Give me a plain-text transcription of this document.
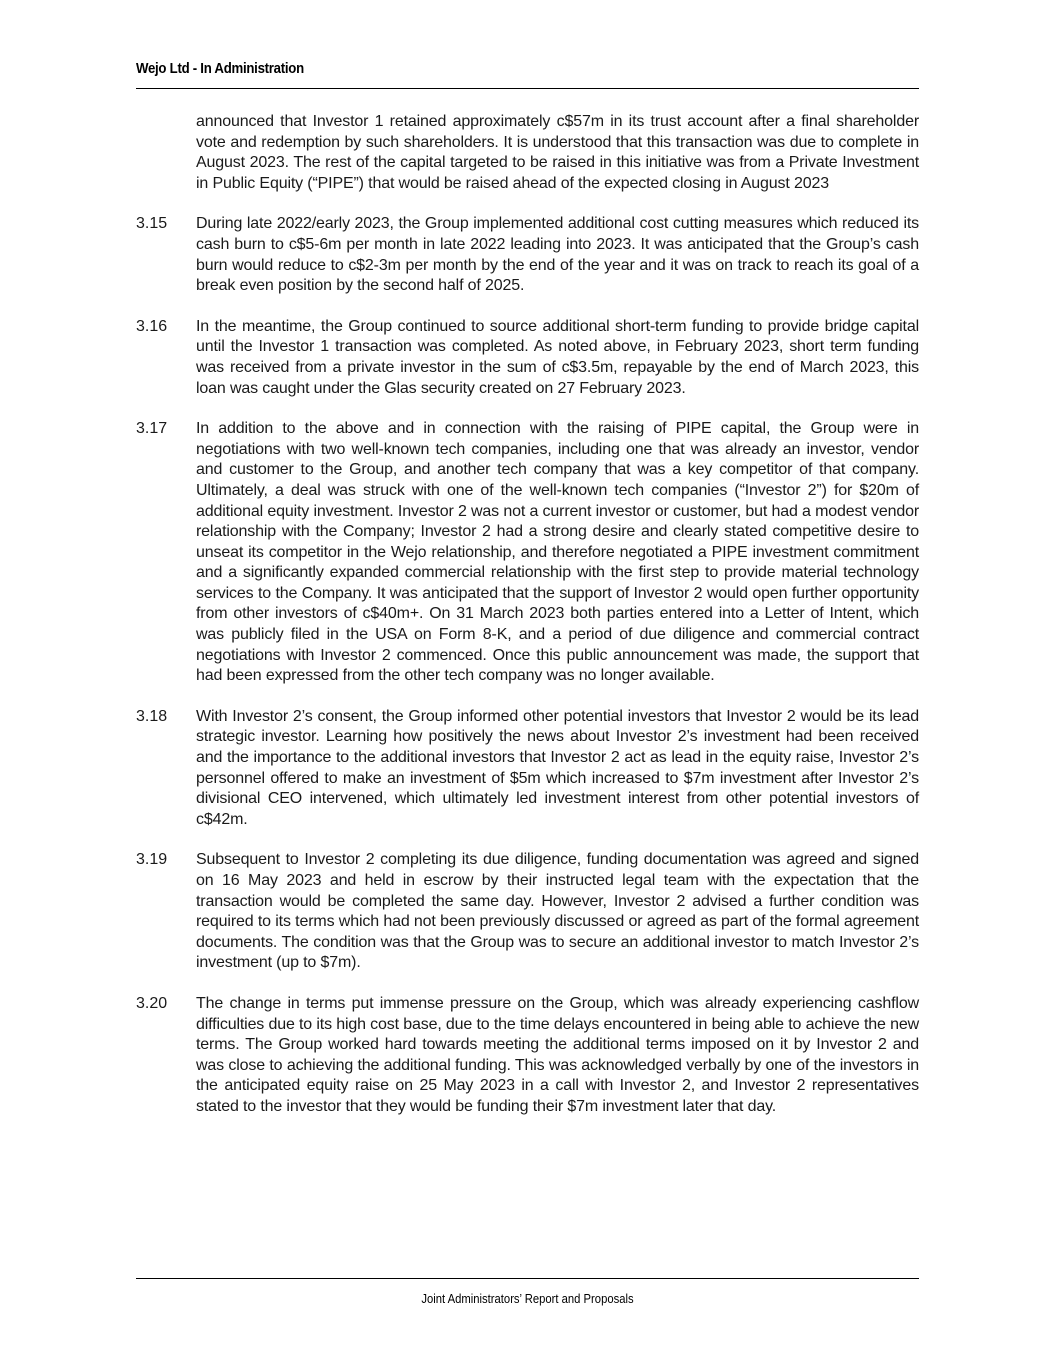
Wejo Ltd - In Administration
announced that Investor 1 retained approximately c$57m in its trust account after a final shareholder vote and redemption by such shareholders. It is understood that this transaction was due to complete in August 2023. The rest of the capital targeted to be raised in this initiative was from a Private Investment in Public Equity (“PIPE”) that would be raised ahead of the expected closing in August 2023
3.15	During late 2022/early 2023, the Group implemented additional cost cutting measures which reduced its cash burn to c$5-6m per month in late 2022 leading into 2023. It was anticipated that the Group’s cash burn would reduce to c$2-3m per month by the end of the year and it was on track to reach its goal of a break even position by the second half of 2025.
3.16	In the meantime, the Group continued to source additional short-term funding to provide bridge capital until the Investor 1 transaction was completed. As noted above, in February 2023, short term funding was received from a private investor in the sum of c$3.5m, repayable by the end of March 2023, this loan was caught under the Glas security created on 27 February 2023.
3.17	In addition to the above and in connection with the raising of PIPE capital, the Group were in negotiations with two well-known tech companies, including one that was already an investor, vendor and customer to the Group, and another tech company that was a key competitor of that company. Ultimately, a deal was struck with one of the well-known tech companies (“Investor 2”) for $20m of additional equity investment. Investor 2 was not a current investor or customer, but had a modest vendor relationship with the Company; Investor 2 had a strong desire and clearly stated competitive desire to unseat its competitor in the Wejo relationship, and therefore negotiated a PIPE investment commitment and a significantly expanded commercial relationship with the first step to provide material technology services to the Company. It was anticipated that the support of Investor 2 would open further opportunity from other investors of c$40m+. On 31 March 2023 both parties entered into a Letter of Intent, which was publicly filed in the USA on Form 8-K, and a period of due diligence and commercial contract negotiations with Investor 2 commenced. Once this public announcement was made, the support that had been expressed from the other tech company was no longer available.
3.18	With Investor 2’s consent, the Group informed other potential investors that Investor 2 would be its lead strategic investor. Learning how positively the news about Investor 2’s investment had been received and the importance to the additional investors that Investor 2 act as lead in the equity raise, Investor 2’s personnel offered to make an investment of $5m which increased to $7m investment after Investor 2’s divisional CEO intervened, which ultimately led investment interest from other potential investors of c$42m.
3.19	Subsequent to Investor 2 completing its due diligence, funding documentation was agreed and signed on 16 May 2023 and held in escrow by their instructed legal team with the expectation that the transaction would be completed the same day. However, Investor 2 advised a further condition was required to its terms which had not been previously discussed or agreed as part of the formal agreement documents. The condition was that the Group was to secure an additional investor to match Investor 2’s investment (up to $7m).
3.20	The change in terms put immense pressure on the Group, which was already experiencing cashflow difficulties due to its high cost base, due to the time delays encountered in being able to achieve the new terms. The Group worked hard towards meeting the additional terms imposed on it by Investor 2 and was close to achieving the additional funding. This was acknowledged verbally by one of the investors in the anticipated equity raise on 25 May 2023 in a call with Investor 2, and Investor 2 representatives stated to the investor that they would be funding their $7m investment later that day.
Joint Administrators’ Report and Proposals
